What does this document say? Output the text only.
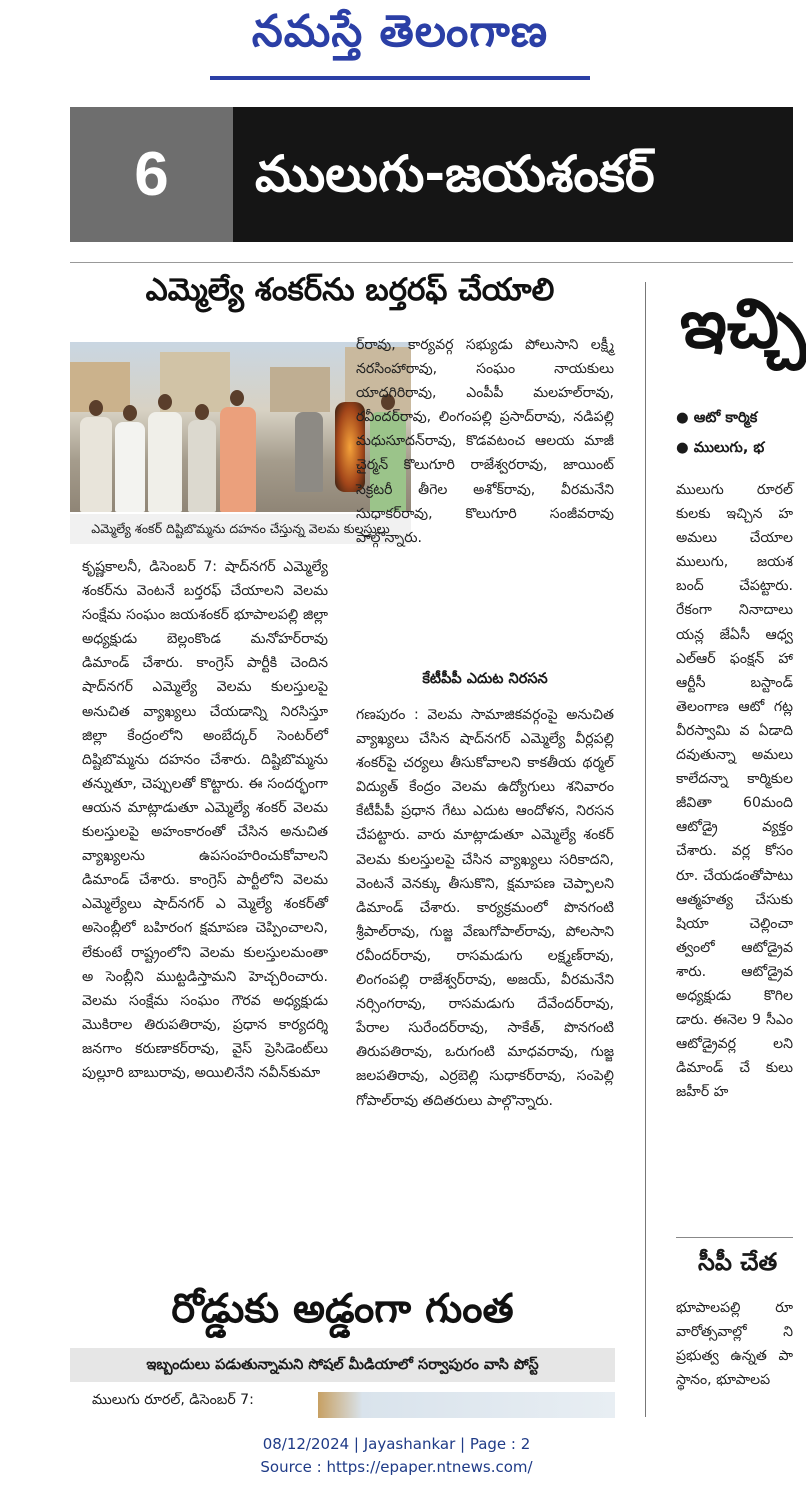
నమస్తే తెలంగాణ
6	ములుగు-జయశంకర్
ఎమ్మెల్యే శంకర్‌ను బర్తరఫ్‌ చేయాలి
ఎమ్మెల్యే శంకర్‌ దిష్టిబొమ్మను దహనం చేస్తున్న వెలమ కులస్తులు
కృష్ణకాలనీ, డిసెంబర్‌ 7: షాద్‌నగర్‌ ఎమ్మెల్యే శంకర్‌ను వెంటనే బర్తరఫ్‌ చేయాలని వెలమ సంక్షేమ సంఘం జయశంకర్‌ భూపాలపల్లి జిల్లా అధ్యక్షుడు బెల్లంకొండ మనోహర్‌రావు డిమాండ్‌ చేశారు. కాంగ్రెస్‌ పార్టీకి చెందిన షాద్‌నగర్‌ ఎమ్మెల్యే వెలమ కులస్తులపై అనుచిత వ్యాఖ్యలు చేయడాన్ని నిరసిస్తూ జిల్లా కేంద్రంలోని అంబేద్కర్‌ సెంటర్‌లో దిష్టిబొమ్మను దహనం చేశారు. దిష్టిబొమ్మను తన్నుతూ, చెప్పులతో కొట్టారు. ఈ సందర్భంగా ఆయన మాట్లాడుతూ ఎమ్మెల్యే శంకర్‌ వెలమ కులస్తులపై అహంకారంతో చేసిన అనుచిత వ్యాఖ్యలను ఉపసంహరించుకోవాలని డిమాండ్‌ చేశారు. కాంగ్రెస్‌ పార్టీలోని వెలమ ఎమ్మెల్యేలు షాద్‌నగర్‌ ఎ మ్మెల్యే శంకర్‌తో అసెంబ్లీలో బహిరంగ క్షమాపణ చెప్పించాలని, లేకుంటే రాష్ట్రంలోని వెలమ కులస్తులమంతా అ సెంబ్లీని ముట్టడిస్తామని హెచ్చరించారు. వెలమ సంక్షేమ సంఘం గౌరవ అధ్యక్షుడు మొకిరాల తిరుపతిరావు, ప్రధాన కార్యదర్శి జనగాం కరుణాకర్‌రావు, వైస్‌ ప్రెసిడెంట్‌లు పుల్లూరి బాబురావు, అయిలినేని నవీన్‌కుమా
ర్‌రావు, కార్యవర్గ సభ్యుడు పోలుసాని లక్ష్మీ నరసింహారావు, సంఘం నాయకులు యాదగిరిరావు, ఎంపీపీ మలహల్‌రావు, రవీందర్‌రావు, లింగంపల్లి ప్రసాద్‌రావు, నడిపల్లి మధుసూదన్‌రావు, కొడవటంచ ఆలయ మాజీ చైర్మన్‌ కొలుగూరి రాజేశ్వరరావు, జాయింట్‌ సెక్రటరీ తీగెల అశోక్‌రావు, వీరమనేని సుధాకర్‌రావు, కొలుగూరి సంజీవరావు పాల్గొన్నారు.
కేటీపీపీ ఎదుట నిరసన
గణపురం : వెలమ సామాజికవర్గంపై అనుచిత వ్యాఖ్యలు చేసిన షాద్‌నగర్‌ ఎమ్మెల్యే వీర్లపల్లి శంకర్‌పై చర్యలు తీసుకోవాలని కాకతీయ థర్మల్‌ విద్యుత్‌ కేంద్రం వెలమ ఉద్యోగులు శనివారం కేటీపీపీ ప్రధాన గేటు ఎదుట ఆందోళన, నిరసన చేపట్టారు. వారు మాట్లాడుతూ ఎమ్మెల్యే శంకర్‌ వెలమ కులస్తులపై చేసిన వ్యాఖ్యలు సరికాదని, వెంటనే వెనక్కు తీసుకొని, క్షమాపణ చెప్పాలని డిమాండ్‌ చేశారు. కార్యక్రమంలో పొనగంటి శ్రీపాల్‌రావు, గుజ్జ వేణుగోపాల్‌రావు, పోలసాని రవీందర్‌రావు, రాసమడుగు లక్ష్మణ్‌రావు, లింగంపల్లి రాజేశ్వర్‌రావు, అజయ్‌, వీరమనేని నర్సింగరావు, రాసమడుగు దేవేందర్‌రావు, పేరాల సురేందర్‌రావు, సాకేత్‌, పొనగంటి తిరుపతిరావు, ఒరుగంటి మాధవరావు, గుజ్జ జలపతిరావు, ఎర్రబెల్లి సుధాకర్‌రావు, సంపెల్లి గోపాల్‌రావు తదితరులు పాల్గొన్నారు.
ఇచ్చి
● ఆటో కార్మిక
● ములుగు, భ
ములుగు రూరల్‌ కులకు ఇచ్చిన హ అమలు చేయాల ములుగు, జయశ బంద్‌ చేపట్టారు. రేకంగా నినాదాలు యన్ల జేఏసీ ఆధ్వ ఎల్‌ఆర్‌ ఫంక్షన్‌ హా ఆర్టీసీ బస్టాండ్‌ తెలంగాణ ఆటో గట్ల వీరస్వామి వ ఏడాది దవుతున్నా అమలు కాలేదన్నా కార్మికుల జీవితా 60మంది ఆటోడ్రై వ్యక్తం చేశారు. వర్ల కోసం రూ. చేయడంతోపాటు ఆత్మహత్య చేసుకు షియా చెల్లించా త్వంలో ఆటోడ్రైవ శారు. ఆటోడ్రైవ అధ్యక్షుడు కొగిల డారు. ఈనెల 9 సీఎం ఆటోడ్రైవర్ల లని డిమాండ్‌ చే కులు జహీర్‌ హ
సీపీ చేత
భూపాలపల్లి రూ వారోత్సవాల్లో ని ప్రభుత్వ ఉన్నత పా స్థానం, భూపాలప
రోడ్డుకు అడ్డంగా గుంత
ఇబ్బందులు పడుతున్నామని సోషల్‌ మీడియాలో సర్వాపురం వాసి పోస్ట్‌
ములుగు రూరల్‌, డిసెంబర్‌ 7:
08/12/2024 | Jayashankar | Page : 2
Source : https://epaper.ntnews.com/
